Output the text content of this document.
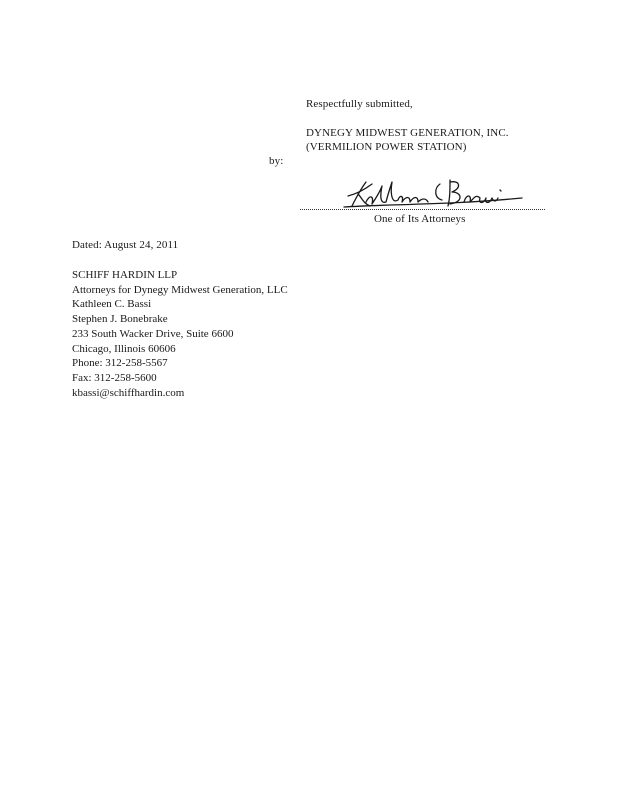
Respectfully submitted,
DYNEGY MIDWEST GENERATION, INC.
(VERMILION POWER STATION)
by:
One of Its Attorneys
Dated: August 24, 2011
SCHIFF HARDIN LLP
Attorneys for Dynegy Midwest Generation, LLC
Kathleen C. Bassi
Stephen J. Bonebrake
233 South Wacker Drive, Suite 6600
Chicago, Illinois 60606
Phone: 312-258-5567
Fax: 312-258-5600
kbassi@schiffhardin.com
